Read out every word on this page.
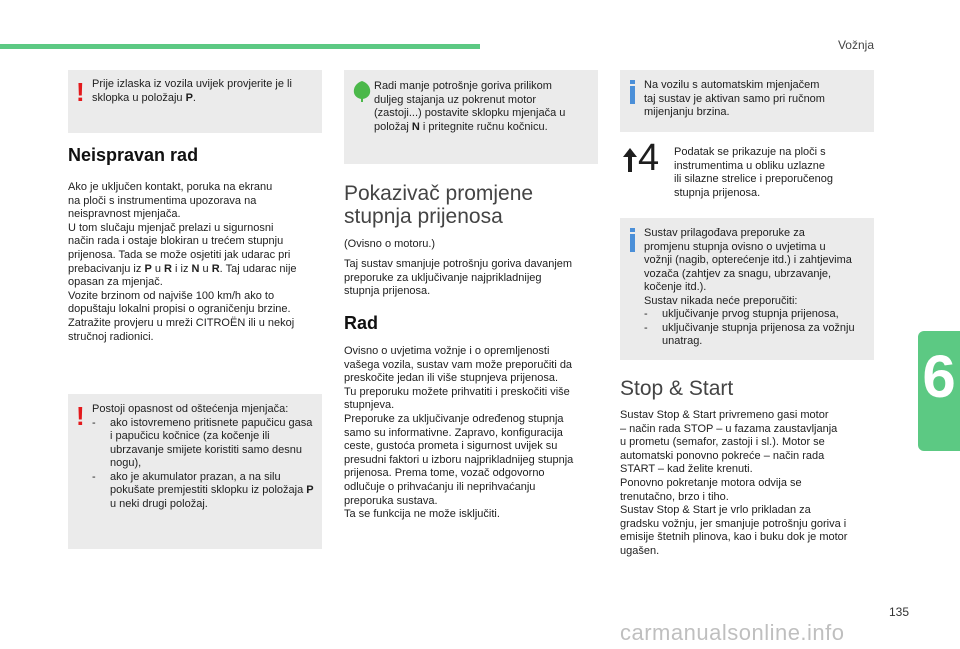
Vožnja
6
! Prije izlaska iz vozila uvijek provjerite je li sklopka u položaju P.

Neispravan rad
Ako je uključen kontakt, poruka na ekranu
na ploči s instrumentima upozorava na
neispravnost mjenjača.
U tom slučaju mjenjač prelazi u sigurnosni
način rada i ostaje blokiran u trećem stupnju
prijenosa. Tada se može osjetiti jak udarac pri
prebacivanju iz P u R i iz N u R. Taj udarac nije
opasan za mjenjač.
Vozite brzinom od najviše 100 km/h ako to
dopuštaju lokalni propisi o ograničenju brzine.
Zatražite provjeru u mreži CITROËN ili u nekoj
stručnoj radionici.
! Postoji opasnost od oštećenja mjenjača:

- ako istovremeno pritisnete papučicu gasa i papučicu kočnice (za kočenje ili ubrzavanje smijete koristiti samo desnu nogu),
- ako je akumulator prazan, a na silu pokušate premjestiti sklopku iz položaja P u neki drugi položaj.
Radi manje potrošnje goriva prilikom
duljeg stajanja uz pokrenut motor
(zastoji...) postavite sklopku mjenjača u
položaj N i pritegnite ručnu kočnicu.
Pokazivač promjene
stupnja prijenosa
(Ovisno o motoru.)
Taj sustav smanjuje potrošnju goriva davanjem
preporuke za uključivanje najprikladnijeg
stupnja prijenosa.
Rad
Ovisno o uvjetima vožnje i o opremljenosti
vašega vozila, sustav vam može preporučiti da
preskočite jedan ili više stupnjeva prijenosa.
Tu preporuku možete prihvatiti i preskočiti više
stupnjeva.
Preporuke za uključivanje određenog stupnja
samo su informativne. Zapravo, konfiguracija
ceste, gustoća prometa i sigurnost uvijek su
presudni faktori u izboru najprikladnijeg stupnja
prijenosa. Prema tome, vozač odgovorno
odlučuje o prihvaćanju ili neprihvaćanju
preporuka sustava.
Ta se funkcija ne može isključiti.
Na vozilu s automatskim mjenjačem
taj sustav je aktivan samo pri ručnom
mijenjanju brzina.
4 Podatak se prikazuje na ploči s
instrumentima u obliku uzlazne
ili silazne strelice i preporučenog
stupnja prijenosa.

Sustav prilagođava preporuke za

promjenu stupnja ovisno o uvjetima u

vožnji (nagib, opterećenje itd.) i zahtjevima

vozača (zahtjev za snagu, ubrzavanje,

kočenje itd.).

Sustav nikada neće preporučiti:

- uključivanje prvog stupnja prijenosa,
- uključivanje stupnja prijenosa za vožnju unatrag.
Stop & Start
Sustav Stop & Start privremeno gasi motor
– način rada STOP – u fazama zaustavljanja
u prometu (semafor, zastoji i sl.). Motor se
automatski ponovno pokreće – način rada
START – kad želite krenuti.
Ponovno pokretanje motora odvija se
trenutačno, brzo i tiho.
Sustav Stop & Start je vrlo prikladan za
gradsku vožnju, jer smanjuje potrošnju goriva i
emisije štetnih plinova, kao i buku dok je motor
ugašen.
135
carmanualsonline.info
